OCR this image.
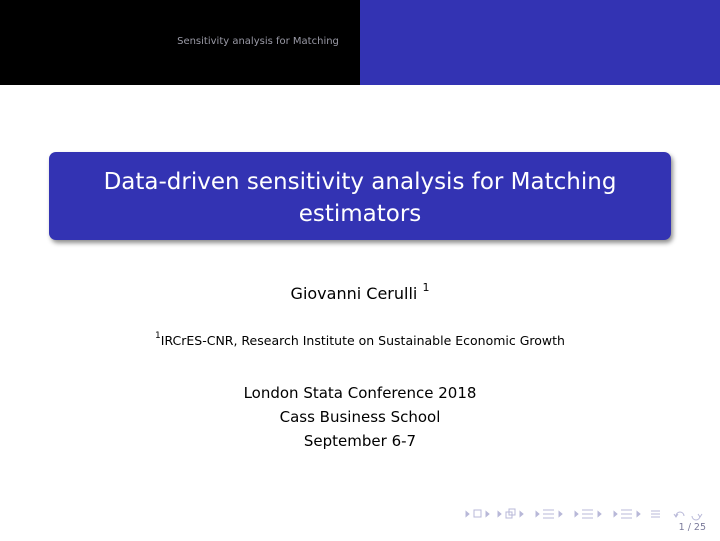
Sensitivity analysis for Matching
Data-driven sensitivity analysis for Matching
estimators
Giovanni Cerulli $^1$
$^1$IRCrES-CNR, Research Institute on Sustainable Economic Growth
London Stata Conference 2018
Cass Business School
September 6-7
1 / 25
